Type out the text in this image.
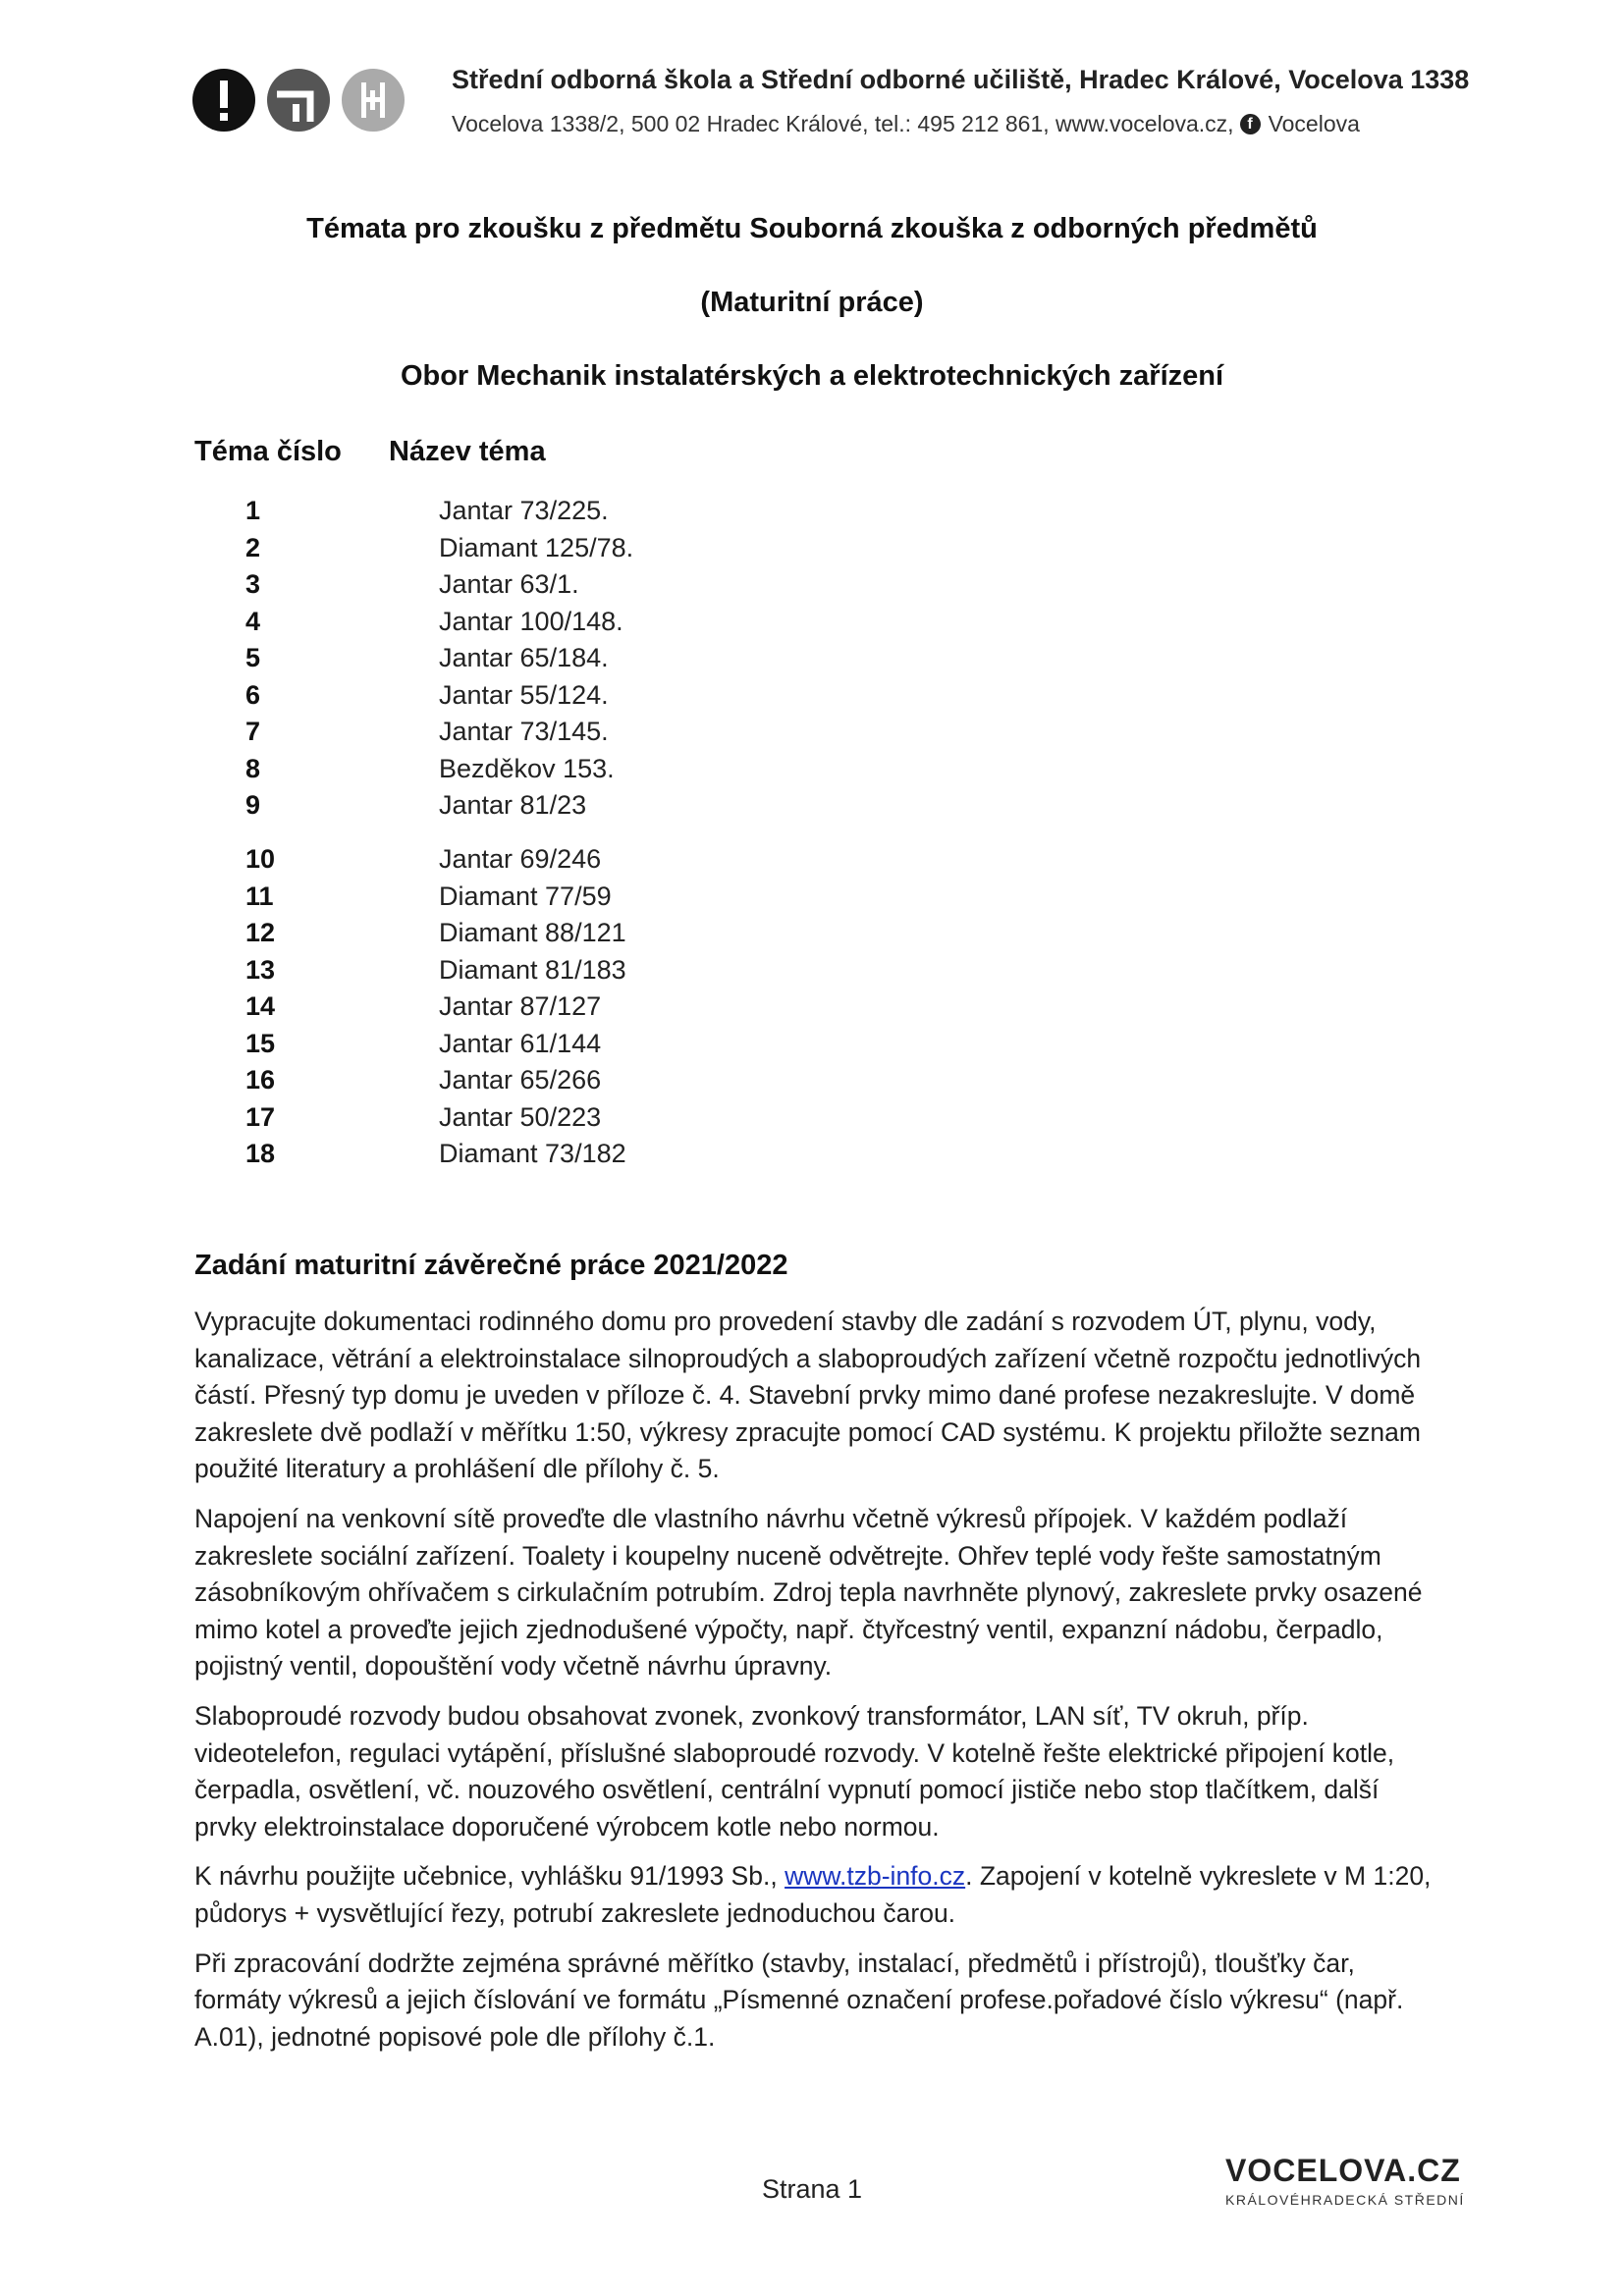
Střední odborná škola a Střední odborné učiliště, Hradec Králové, Vocelova 1338
Vocelova 1338/2, 500 02 Hradec Králové, tel.: 495 212 861, www.vocelova.cz, f Vocelova
Témata pro zkoušku z předmětu Souborná zkouška z odborných předmětů
(Maturitní práce)
Obor Mechanik instalatérských a elektrotechnických zařízení
Téma číslo Název téma
1	Jantar 73/225.
2	Diamant 125/78.
3	Jantar 63/1.
4	Jantar 100/148.
5	Jantar 65/184.
6	Jantar 55/124.
7	Jantar 73/145.
8	Bezděkov 153.
9	Jantar 81/23
10	Jantar 69/246
11	Diamant 77/59
12	Diamant 88/121
13	Diamant 81/183
14	Jantar 87/127
15	Jantar 61/144
16	Jantar 65/266
17	Jantar 50/223
18	Diamant 73/182
Zadání maturitní závěrečné práce 2021/2022

Vypracujte dokumentaci rodinného domu pro provedení stavby dle zadání s rozvodem ÚT, plynu, vody, kanalizace, větrání a elektroinstalace silnoproudých a slaboproudých zařízení včetně rozpočtu jednotlivých částí. Přesný typ domu je uveden v příloze č. 4. Stavební prvky mimo dané profese nezakreslujte. V domě zakreslete dvě podlaží v měřítku 1:50, výkresy zpracujte pomocí CAD systému. K projektu přiložte seznam použité literatury a prohlášení dle přílohy č. 5.

Napojení na venkovní sítě proveďte dle vlastního návrhu včetně výkresů přípojek. V každém podlaží zakreslete sociální zařízení. Toalety i koupelny nuceně odvětrejte. Ohřev teplé vody řešte samostatným zásobníkovým ohřívačem s cirkulačním potrubím. Zdroj tepla navrhněte plynový, zakreslete prvky osazené mimo kotel a proveďte jejich zjednodušené výpočty, např. čtyřcestný ventil, expanzní nádobu, čerpadlo, pojistný ventil, dopouštění vody včetně návrhu úpravny.

Slaboproudé rozvody budou obsahovat zvonek, zvonkový transformátor, LAN síť, TV okruh, příp. videotelefon, regulaci vytápění, příslušné slaboproudé rozvody. V kotelně řešte elektrické připojení kotle, čerpadla, osvětlení, vč. nouzového osvětlení, centrální vypnutí pomocí jističe nebo stop tlačítkem, další prvky elektroinstalace doporučené výrobcem kotle nebo normou.

K návrhu použijte učebnice, vyhlášku 91/1993 Sb., www.tzb-info.cz. Zapojení v kotelně vykreslete v M 1:20, půdorys + vysvětlující řezy, potrubí zakreslete jednoduchou čarou.

Při zpracování dodržte zejména správné měřítko (stavby, instalací, předmětů i přístrojů), tloušťky čar, formáty výkresů a jejich číslování ve formátu „Písmenné označení profese.pořadové číslo výkresu“ (např. A.01), jednotné popisové pole dle přílohy č.1.

Strana 1
VOCELOVA.CZ
KRÁLOVÉHRADECKÁ STŘEDNÍ
